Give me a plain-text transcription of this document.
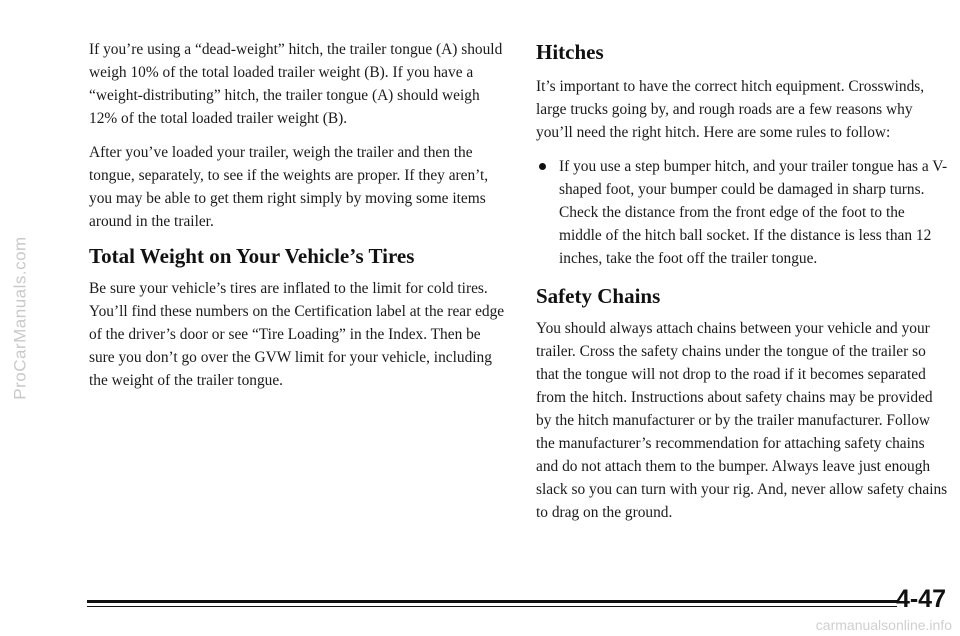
ProCarManuals.com

If you’re using a “dead-weight” hitch, the trailer tongue (A) should weigh 10% of the total loaded trailer weight (B). If you have a “weight-distributing” hitch, the trailer tongue (A) should weigh 12% of the total loaded trailer weight (B).

After you’ve loaded your trailer, weigh the trailer and then the tongue, separately, to see if the weights are proper. If they aren’t, you may be able to get them right simply by moving some items around in the trailer.

Total Weight on Your Vehicle’s Tires

Be sure your vehicle’s tires are inflated to the limit for cold tires. You’ll find these numbers on the Certification label at the rear edge of the driver’s door or see “Tire Loading” in the Index. Then be sure you don’t go over the GVW limit for your vehicle, including the weight of the trailer tongue.

Hitches

It’s important to have the correct hitch equipment. Crosswinds, large trucks going by, and rough roads are a few reasons why you’ll need the right hitch. Here are some rules to follow:

If you use a step bumper hitch, and your trailer tongue has a V-shaped foot, your bumper could be damaged in sharp turns. Check the distance from the front edge of the foot to the middle of the hitch ball socket. If the distance is less than 12 inches, take the foot off the trailer tongue.

Safety Chains

You should always attach chains between your vehicle and your trailer. Cross the safety chains under the tongue of the trailer so that the tongue will not drop to the road if it becomes separated from the hitch. Instructions about safety chains may be provided by the hitch manufacturer or by the trailer manufacturer. Follow the manufacturer’s recommendation for attaching safety chains and do not attach them to the bumper. Always leave just enough slack so you can turn with your rig. And, never allow safety chains to drag on the ground.

4-47
carmanualsonline.info
